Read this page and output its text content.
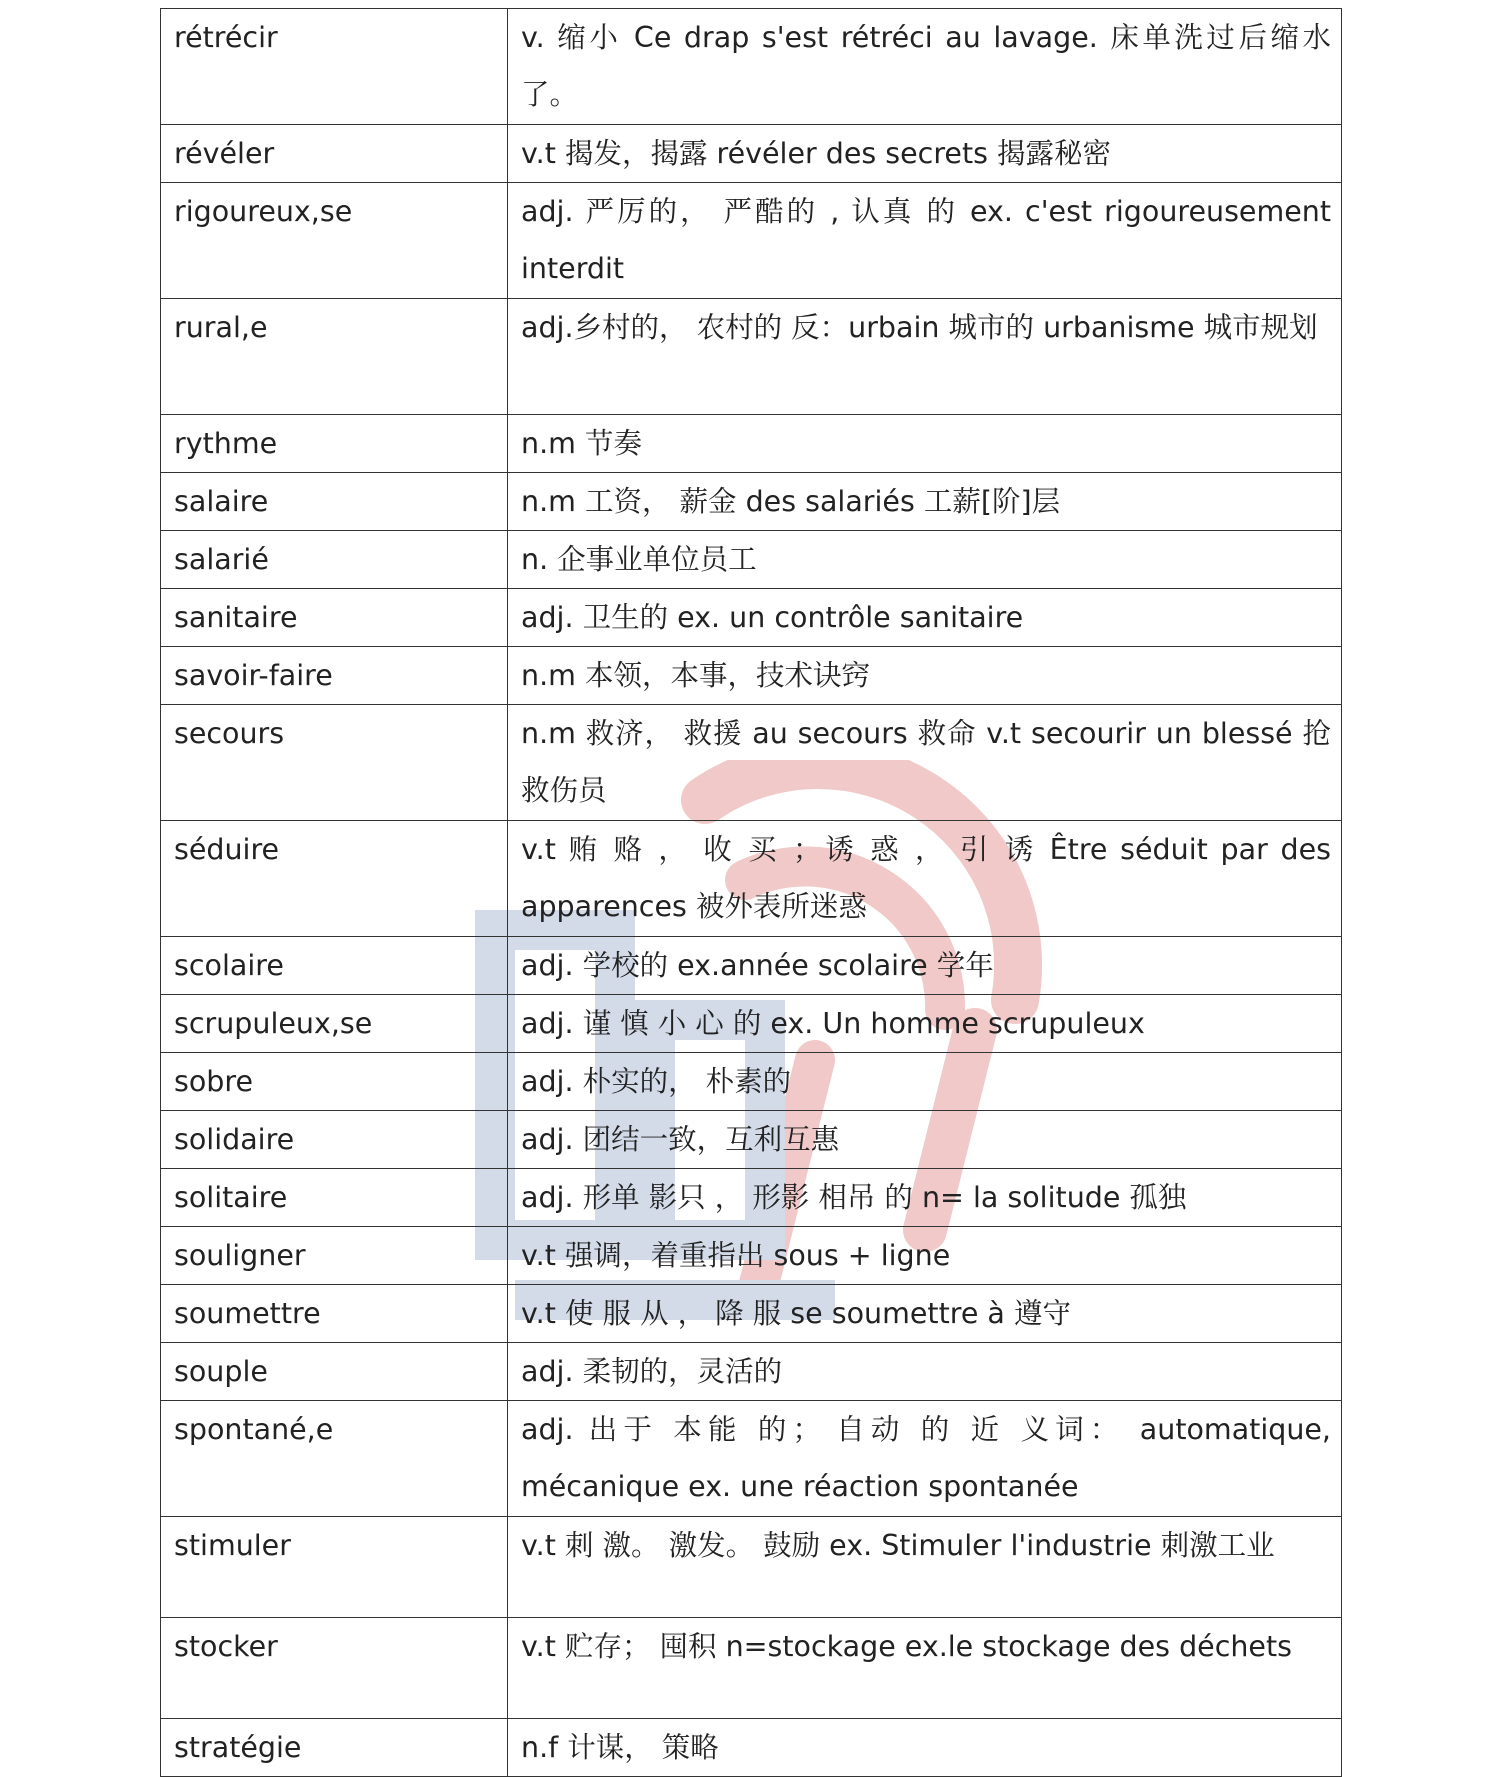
rétrécir	v. 缩小 Ce drap s'est rétréci au lavage. 床单洗过后缩水了。
révéler	v.t 揭发，揭露 révéler des secrets 揭露秘密
rigoureux,se	adj. 严厉的， 严酷的 , 认真 的 ex. c'est rigoureusement interdit
rural,e	adj.乡村的， 农村的 反：urbain 城市的 urbanisme 城市规划
rythme	n.m 节奏
salaire	n.m 工资， 薪金 des salariés 工薪[阶]层
salarié	n. 企事业单位员工
sanitaire	adj. 卫生的 ex. un contrôle sanitaire
savoir-faire	n.m 本领，本事，技术诀窍
secours	n.m 救济， 救援 au secours 救命 v.t secourir un blessé 抢救伤员
séduire	v.t 贿 赂 ， 收 买 ；诱 惑 ， 引 诱 Être séduit par des apparences 被外表所迷惑
scolaire	adj. 学校的 ex.année scolaire 学年
scrupuleux,se	adj. 谨 慎 小 心 的 ex. Un homme scrupuleux
sobre	adj. 朴实的， 朴素的
solidaire	adj. 团结一致，互利互惠
solitaire	adj. 形单 影只 ， 形影 相吊 的 n= la solitude 孤独
souligner	v.t 强调，着重指出 sous + ligne
soumettre	v.t 使 服 从 ， 降 服 se soumettre à 遵守
souple	adj. 柔韧的，灵活的
spontané,e	adj. 出于 本能 的； 自动 的 近 义词： automatique, mécanique ex. une réaction spontanée
stimuler	v.t 刺 激。 激发。 鼓励 ex. Stimuler l'industrie 刺激工业
stocker	v.t 贮存； 囤积 n=stockage ex.le stockage des déchets
stratégie	n.f 计谋， 策略
